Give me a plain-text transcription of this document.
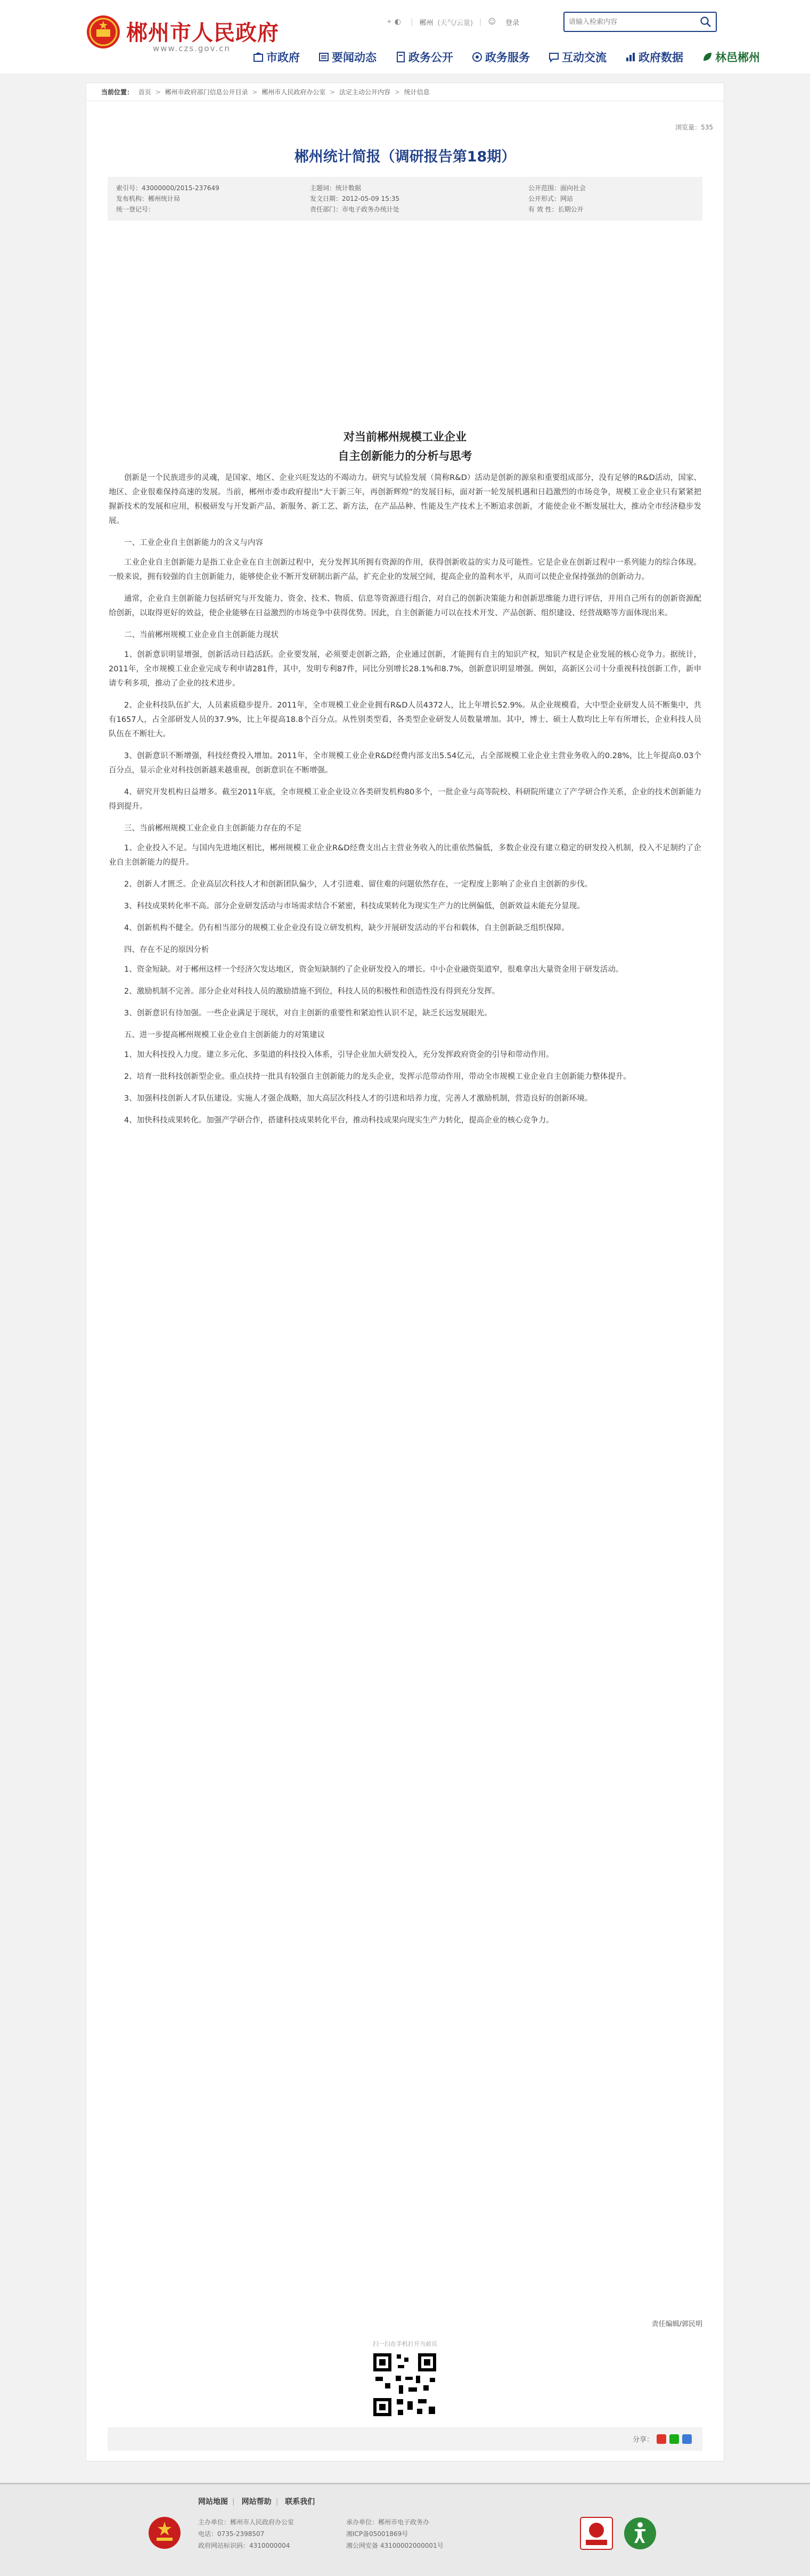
郴州市人民政府
www.czs.gov.cn
⌖ ◐ | 郴州 (天气/云量) | ☺ 登录
请输入检索内容
市政府	要闻动态	政务公开	政务服务	互动交流	政府数据	林邑郴州
当前位置： 首页 > 郴州市政府部门信息公开目录 > 郴州市人民政府办公室 > 法定主动公开内容 > 统计信息
浏览量：535
郴州统计简报（调研报告第18期）
索引号：43000000/2015-237649	主题词：统计数据	公开范围：面向社会
发布机构：郴州统计局	发文日期：2012-05-09 15:35	公开形式：网站
统一登记号：	责任部门：市电子政务办统计处	有 效 性：长期公开
对当前郴州规模工业企业
自主创新能力的分析与思考

创新是一个民族进步的灵魂，是国家、地区、企业兴旺发达的不竭动力。研究与试验发展（简称R&D）活动是创新的源泉和重要组成部分，没有足够的R&D活动，国家、地区、企业很难保持高速的发展。当前，郴州市委市政府提出“大干新三年，再创新辉煌”的发展目标，面对新一轮发展机遇和日趋激烈的市场竞争，规模工业企业只有紧紧把握新技术的发展和应用，积极研发与开发新产品、新服务、新工艺、新方法，在产品品种、性能及生产技术上不断追求创新，才能使企业不断发展壮大，推动全市经济稳步发展。

一、工业企业自主创新能力的含义与内容

工业企业自主创新能力是指工业企业在自主创新过程中，充分发挥其所拥有资源的作用，获得创新收益的实力及可能性。它是企业在创新过程中一系列能力的综合体现。一般来说，拥有较强的自主创新能力，能够使企业不断开发研制出新产品，扩充企业的发展空间，提高企业的盈利水平，从而可以使企业保持强劲的创新动力。

通常，企业自主创新能力包括研究与开发能力、资金、技术、物质、信息等资源进行组合，对自己的创新决策能力和创新思维能力进行评估，并用自己所有的创新资源配给创新，以取得更好的效益，使企业能够在日益激烈的市场竞争中获得优势。因此，自主创新能力可以在技术开发、产品创新、组织建设、经营战略等方面体现出来。

二、当前郴州规模工业企业自主创新能力现状

1、创新意识明显增强，创新活动日趋活跃。企业要发展，必须要走创新之路，企业通过创新，才能拥有自主的知识产权，知识产权是企业发展的核心竞争力。据统计，2011年，全市规模工业企业完成专利申请281件，其中，发明专利87件，同比分别增长28.1%和8.7%，创新意识明显增强。例如，高新区公司十分重视科技创新工作，新申请专利多项，推动了企业的技术进步。

2、企业科技队伍扩大，人员素质稳步提升。2011年，全市规模工业企业拥有R&D人员4372人，比上年增长52.9%。从企业规模看，大中型企业研发人员不断集中，共有1657人，占全部研发人员的37.9%，比上年提高18.8个百分点。从性别类型看，各类型企业研发人员数量增加。其中，博士、硕士人数均比上年有所增长，企业科技人员队伍在不断壮大。

3、创新意识不断增强，科技经费投入增加。2011年，全市规模工业企业R&D经费内部支出5.54亿元，占全部规模工业企业主营业务收入的0.28%，比上年提高0.03个百分点，显示企业对科技创新越来越重视，创新意识在不断增强。

4、研究开发机构日益增多。截至2011年底，全市规模工业企业设立各类研发机构80多个，一批企业与高等院校、科研院所建立了产学研合作关系，企业的技术创新能力得到提升。

三、当前郴州规模工业企业自主创新能力存在的不足

1、企业投入不足。与国内先进地区相比，郴州规模工业企业R&D经费支出占主营业务收入的比重依然偏低，多数企业没有建立稳定的研发投入机制，投入不足制约了企业自主创新能力的提升。

2、创新人才匮乏。企业高层次科技人才和创新团队偏少，人才引进难、留住难的问题依然存在，一定程度上影响了企业自主创新的步伐。

3、科技成果转化率不高。部分企业研发活动与市场需求结合不紧密，科技成果转化为现实生产力的比例偏低，创新效益未能充分显现。

4、创新机构不健全。仍有相当部分的规模工业企业没有设立研发机构，缺少开展研发活动的平台和载体，自主创新缺乏组织保障。

四、存在不足的原因分析

1、资金短缺。对于郴州这样一个经济欠发达地区，资金短缺制约了企业研发投入的增长。中小企业融资渠道窄，很难拿出大量资金用于研发活动。

2、激励机制不完善。部分企业对科技人员的激励措施不到位，科技人员的积极性和创造性没有得到充分发挥。

3、创新意识有待加强。一些企业满足于现状，对自主创新的重要性和紧迫性认识不足，缺乏长远发展眼光。

五、进一步提高郴州规模工业企业自主创新能力的对策建议

1、加大科技投入力度。建立多元化、多渠道的科技投入体系，引导企业加大研发投入，充分发挥政府资金的引导和带动作用。

2、培育一批科技创新型企业。重点扶持一批具有较强自主创新能力的龙头企业，发挥示范带动作用，带动全市规模工业企业自主创新能力整体提升。

3、加强科技创新人才队伍建设。实施人才强企战略，加大高层次科技人才的引进和培养力度，完善人才激励机制，营造良好的创新环境。

4、加快科技成果转化。加强产学研合作，搭建科技成果转化平台，推动科技成果向现实生产力转化，提高企业的核心竞争力。

责任编辑/郭民明
扫一扫在手机打开当前页
分享：
网站地图 | 网站帮助 | 联系我们
主办单位：郴州市人民政府办公室
电话：0735-2398507
政府网站标识码：4310000004
承办单位：郴州市电子政务办
湘ICP备05001869号
湘公网安备 43100002000001号
